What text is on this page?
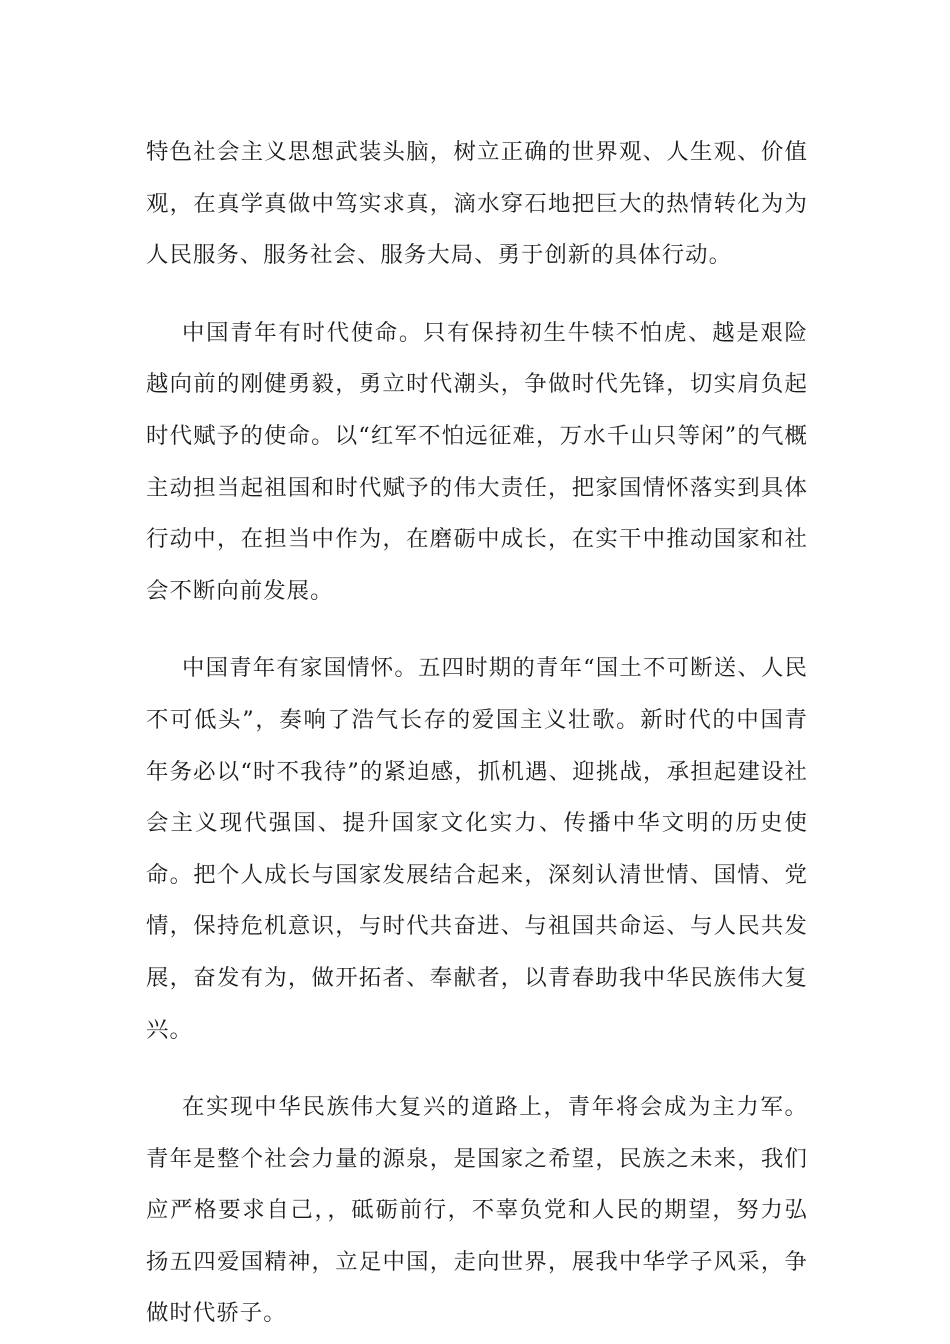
特色社会主义思想武装头脑，树立正确的世界观、人生观、价值观，在真学真做中笃实求真，滴水穿石地把巨大的热情转化为为人民服务、服务社会、服务大局、勇于创新的具体行动。

中国青年有时代使命。只有保持初生牛犊不怕虎、越是艰险越向前的刚健勇毅，勇立时代潮头，争做时代先锋，切实肩负起时代赋予的使命。以“红军不怕远征难，万水千山只等闲”的气概主动担当起祖国和时代赋予的伟大责任，把家国情怀落实到具体行动中，在担当中作为，在磨砺中成长，在实干中推动国家和社会不断向前发展。

中国青年有家国情怀。五四时期的青年“国土不可断送、人民不可低头”，奏响了浩气长存的爱国主义壮歌。新时代的中国青年务必以“时不我待”的紧迫感，抓机遇、迎挑战，承担起建设社会主义现代强国、提升国家文化实力、传播中华文明的历史使命。把个人成长与国家发展结合起来，深刻认清世情、国情、党情，保持危机意识，与时代共奋进、与祖国共命运、与人民共发展，奋发有为，做开拓者、奉献者，以青春助我中华民族伟大复兴。

在实现中华民族伟大复兴的道路上，青年将会成为主力军。青年是整个社会力量的源泉，是国家之希望，民族之未来，我们应严格要求自己，，砥砺前行，不辜负党和人民的期望，努力弘扬五四爱国精神，立足中国，走向世界，展我中华学子风采，争做时代骄子。
